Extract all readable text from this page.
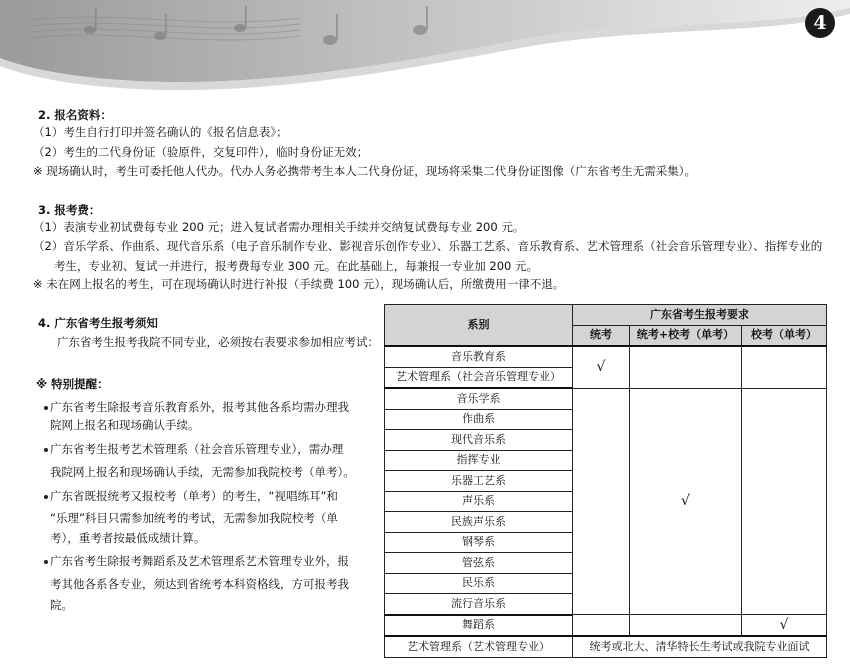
4
2. 报名资料：
（1）考生自行打印并签名确认的《报名信息表》；
（2）考生的二代身份证（验原件，交复印件），临时身份证无效；
※ 现场确认时，考生可委托他人代办。代办人务必携带考生本人二代身份证，现场将采集二代身份证图像（广东省考生无需采集）。
3. 报考费：
（1）表演专业初试费每专业 200 元；进入复试者需办理相关手续并交纳复试费每专业 200 元。
（2）音乐学系、作曲系、现代音乐系（电子音乐制作专业、影视音乐创作专业）、乐器工艺系、音乐教育系、艺术管理系（社会音乐管理专业）、指挥专业的
考生，专业初、复试一并进行，报考费每专业 300 元。在此基础上，每兼报一专业加 200 元。
※ 未在网上报名的考生，可在现场确认时进行补报（手续费 100 元），现场确认后，所缴费用一律不退。
4. 广东省考生报考须知
广东省考生报考我院不同专业，必须按右表要求参加相应考试：
※ 特别提醒：
广东省考生除报考音乐教育系外，报考其他各系均需办理我
院网上报名和现场确认手续。
广东省考生报考艺术管理系（社会音乐管理专业），需办理
我院网上报名和现场确认手续，无需参加我院校考（单考）。
广东省既报统考又报校考（单考）的考生，“视唱练耳”和
“乐理”科目只需参加统考的考试，无需参加我院校考（单
考），重考者按最低成绩计算。
广东省考生除报考舞蹈系及艺术管理系艺术管理专业外，报
考其他各系各专业，须达到省统考本科资格线，方可报考我
院。
系别	广东省考生报考要求		
	统考	统考+校考（单考）	校考（单考）
音乐教育系	√		
艺术管理系（社会音乐管理专业）			
音乐学系		√	
作曲系			
现代音乐系			
指挥专业			
乐器工艺系			
声乐系			
民族声乐系			
钢琴系			
管弦系			
民乐系			
流行音乐系			
舞蹈系			√
艺术管理系（艺术管理专业）	统考或北大、清华特长生考试或我院专业面试		
